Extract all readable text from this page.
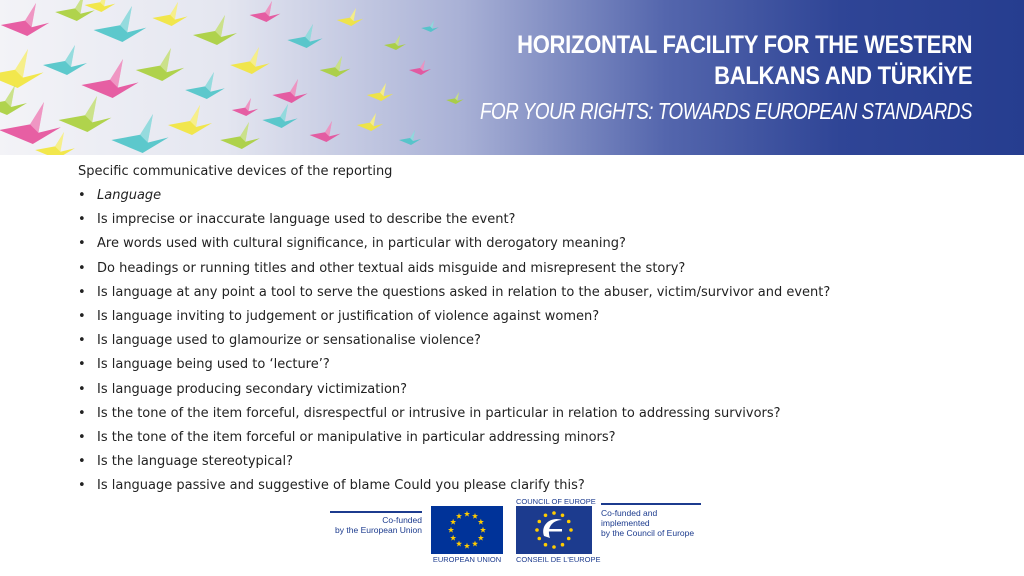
HORIZONTAL FACILITY FOR THE WESTERN
BALKANS AND TÜRKİYE
FOR YOUR RIGHTS: TOWARDS EUROPEAN STANDARDS
Specific communicative devices of the reporting
• Language
• Is imprecise or inaccurate language used to describe the event?
• Are words used with cultural significance, in particular with derogatory meaning?
• Do headings or running titles and other textual aids misguide and misrepresent the story?
• Is language at any point a tool to serve the questions asked in relation to the abuser, victim/survivor and event?
• Is language inviting to judgement or justification of violence against women?
• Is language used to glamourize or sensationalise violence?
• Is language being used to ‘lecture’?
• Is language producing secondary victimization?
• Is the tone of the item forceful, disrespectful or intrusive in particular in relation to addressing survivors?
• Is the tone of the item forceful or manipulative in particular addressing minors?
• Is the language stereotypical?
• Is language passive and suggestive of blame Could you please clarify this?
Co-funded
by the European Union
EUROPEAN UNION
COUNCIL OF EUROPE
CONSEIL DE L'EUROPE
Co-funded and implemented
by the Council of Europe
